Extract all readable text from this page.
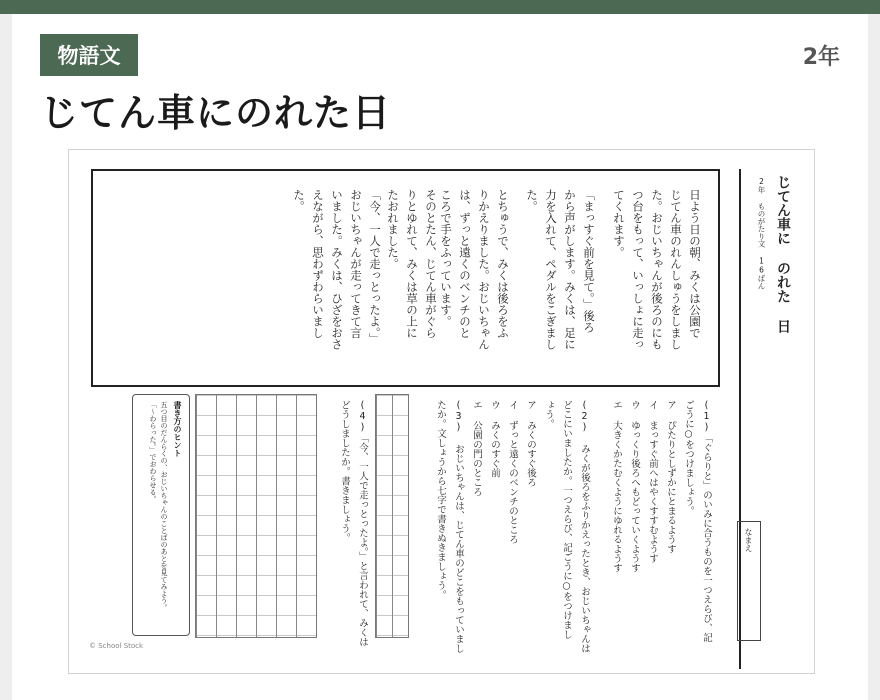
物語文	2年
じてん車にのれた日
日よう日の朝、みくは公園で
じてん車のれんしゅうをしまし
た。おじいちゃんが後ろのにも
つ台をもって、いっしょに走っ
てくれます。
「まっすぐ前を見て。」後ろ
から声がします。みくは、足に
力を入れて、ペダルをこぎまし
た。
とちゅうで、みくは後ろをふ
りかえりました。おじいちゃん
は、ずっと遠くのベンチのと
ころで手をふっています。
そのとたん、じてん車がぐら
りとゆれて、みくは草の上に
たおれました。
「今、一人で走っとったよ。」
おじいちゃんが走ってきて言
いました。みくは、ひざをおさ
えながら、思わずわらいまし
た。	じてん車に のれた 日
2年 ものがたり文 16ばん
なまえ
(1)「ぐらりと」のいみに合うものを一つえらび、記
ごうに○をつけましょう。
ア ぴたりとしずかにとまるようす
イ まっすぐ前へはやくすすむようす
ウ ゆっくり後ろへもどっていくようす
エ 大きくかたむくようにゆれるようす
(2) みくが後ろをふりかえったとき、おじいちゃんは
どこにいましたか。一つえらび、記ごうに○をつけまし
ょう。
ア みくのすぐ後ろ
イ ずっと遠くのベンチのところ
ウ みくのすぐ前
エ 公園の門のところ
(3) おじいちゃんは、じてん車のどこをもっていまし
たか。文しょうから七字で書きぬきましょう。
(4)「今、一人で走っとったよ。」と言われて、みくは
どうしましたか。書きましょう。
書き方のヒント
五つ目のだんらくの、おじいちゃんのことばのあとを見てみよう。
「〜わらった。」でおわらせる。
© School Stock
